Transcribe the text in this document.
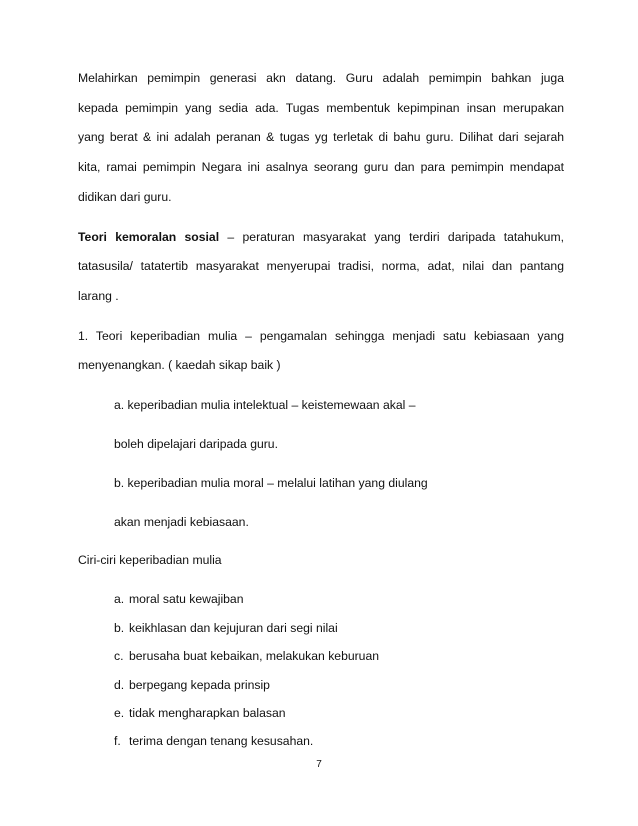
Melahirkan pemimpin generasi akn datang. Guru adalah pemimpin bahkan juga
kepada pemimpin yang sedia ada. Tugas membentuk kepimpinan insan merupakan
yang berat & ini adalah peranan & tugas yg terletak di bahu guru. Dilihat dari sejarah
kita, ramai pemimpin Negara ini asalnya seorang guru dan para pemimpin mendapat
didikan dari guru.
Teori kemoralan sosial – peraturan masyarakat yang terdiri daripada tatahukum,
tatasusila/ tatatertib masyarakat menyerupai tradisi, norma, adat, nilai dan pantang
larang .
1. Teori keperibadian mulia – pengamalan sehingga menjadi satu kebiasaan yang
menyenangkan. ( kaedah sikap baik )
a. keperibadian mulia intelektual – keistemewaan akal –
boleh dipelajari daripada guru.
b. keperibadian mulia moral – melalui latihan yang diulang
akan menjadi kebiasaan.
Ciri-ciri keperibadian mulia
a. moral satu kewajiban
b. keikhlasan dan kejujuran dari segi nilai
c. berusaha buat kebaikan, melakukan keburuan
d. berpegang kepada prinsip
e. tidak mengharapkan balasan
f. terima dengan tenang kesusahan.
7
